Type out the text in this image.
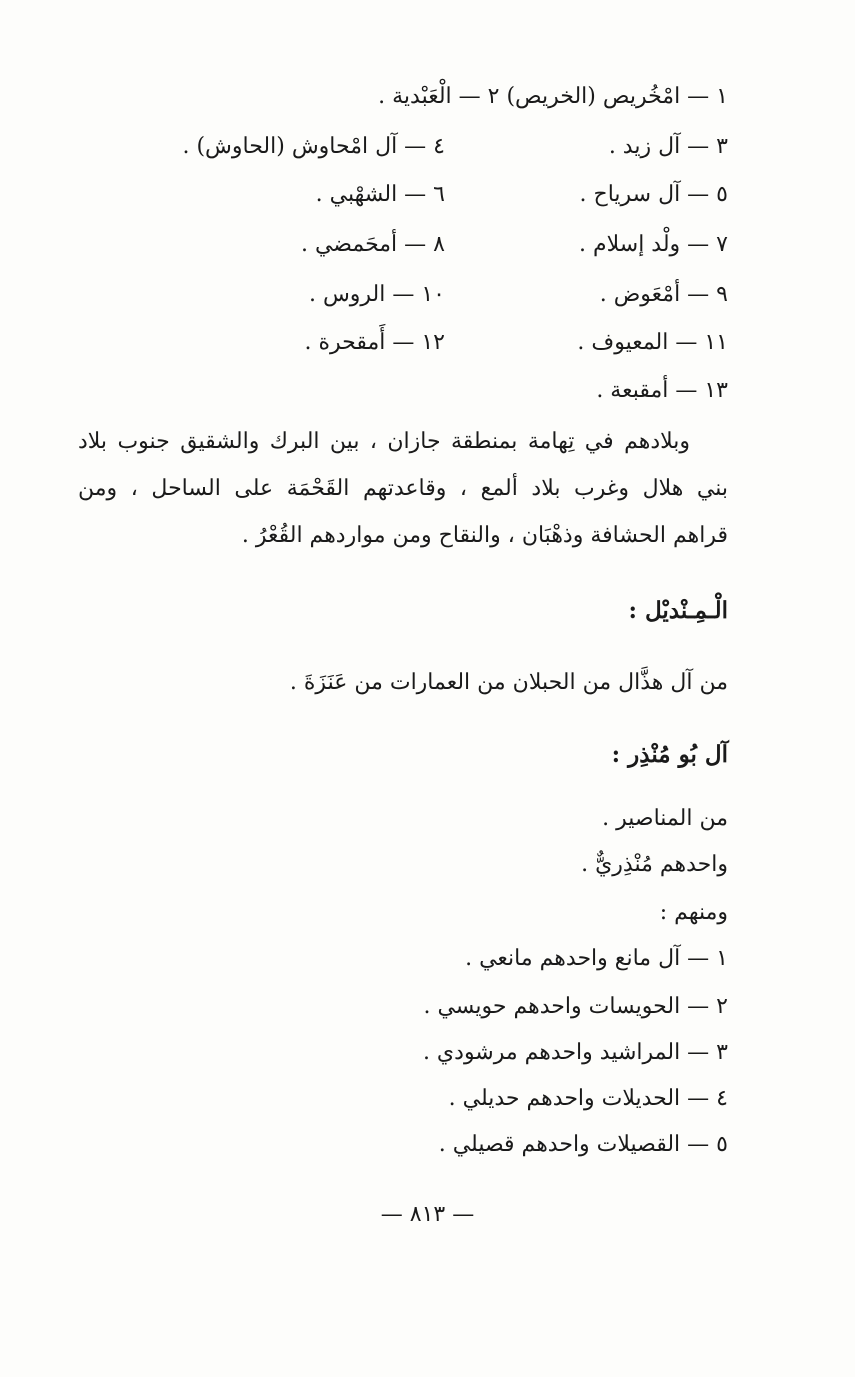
١ — امْخُريص (الخريص) ٢ — الْعَبْدية .
٣ — آل زيد .
٤ — آل امْحاوش (الحاوش) .
٥ — آل سرياح .
٦ — الشهْبي .
٧ — ولْد إسلام .
٨ — أمحَمضي .
٩ — أمْعَوض .
١٠ — الروس .
١١ — المعيوف .
١٢ — أَمقحرة .
١٣ — أمقبعة .
وبلادهم في تِهامة بمنطقة جازان ، بين البرك والشقيق جنوب بلاد
بني هلال وغرب بلاد ألمع ، وقاعدتهم القَحْمَة على الساحل ، ومن
قراهم الحشافة وذهْبَان ، والنقاح ومن مواردهم القُعْرُ .
الْـمِـنْديْل :
من آل هذَّال من الحبلان من العمارات من عَنَزَةَ .
آل بُو مُنْذِر :
من المناصير .
واحدهم مُنْذِريٌّ .
ومنهم :
١ — آل مانع واحدهم مانعي .
٢ — الحويسات واحدهم حويسي .
٣ — المراشيد واحدهم مرشودي .
٤ — الحديلات واحدهم حديلي .
٥ — القصيلات واحدهم قصيلي .
— ٨١٣ —
